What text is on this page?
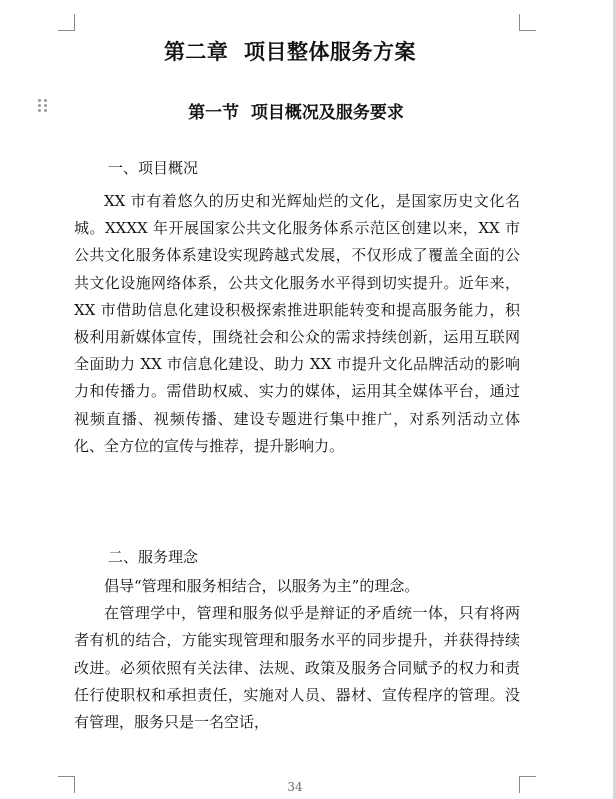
第二章  项目整体服务方案
第一节  项目概况及服务要求
一、项目概况

XX 市有着悠久的历史和光辉灿烂的文化，是国家历史文化名城。XXXX 年开展国家公共文化服务体系示范区创建以来，XX 市公共文化服务体系建设实现跨越式发展，不仅形成了覆盖全面的公共文化设施网络体系，公共文化服务水平得到切实提升。近年来，XX 市借助信息化建设积极探索推进职能转变和提高服务能力，积极利用新媒体宣传，围绕社会和公众的需求持续创新，运用互联网全面助力 XX 市信息化建设、助力 XX 市提升文化品牌活动的影响力和传播力。需借助权威、实力的媒体，运用其全媒体平台，通过视频直播、视频传播、建设专题进行集中推广，对系列活动立体化、全方位的宣传与推荐，提升影响力。

二、服务理念

倡导“管理和服务相结合，以服务为主”的理念。

在管理学中，管理和服务似乎是辩证的矛盾统一体，只有将两者有机的结合，方能实现管理和服务水平的同步提升，并获得持续改进。必须依照有关法律、法规、政策及服务合同赋予的权力和责任行使职权和承担责任，实施对人员、器材、宣传程序的管理。没有管理，服务只是一名空话，

34
